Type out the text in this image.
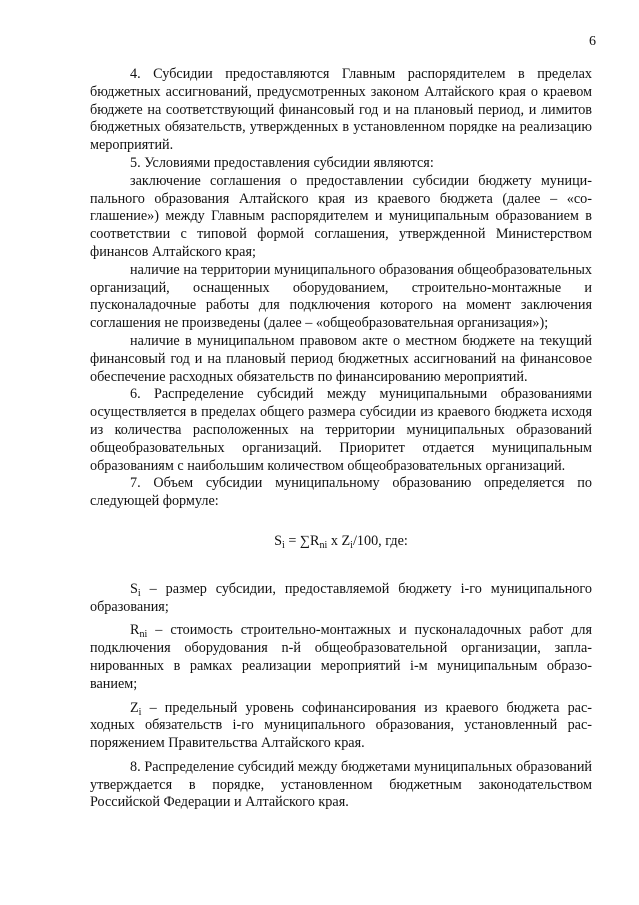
6

4. Субсидии предоставляются Главным распорядителем в пределах бюджетных ассигнований, предусмотренных законом Алтайского края о краевом бюджете на соответствующий финансовый год и на плановый период, и лимитов бюджетных обязательств, утвержденных в установленном порядке на реализацию мероприятий.

5. Условиями предоставления субсидии являются:

заключение соглашения о предоставлении субсидии бюджету муниципального образования Алтайского края из краевого бюджета (далее – «соглашение») между Главным распорядителем и муниципальным образованием в соответствии с типовой формой соглашения, утвержденной Министерством финансов Алтайского края;

наличие на территории муниципального образования общеобразовательных организаций, оснащенных оборудованием, строительно-монтажные и пусконаладочные работы для подключения которого на момент заключения соглашения не произведены (далее – «общеобразовательная организация»);

наличие в муниципальном правовом акте о местном бюджете на текущий финансовый год и на плановый период бюджетных ассигнований на финансовое обеспечение расходных обязательств по финансированию мероприятий.

6. Распределение субсидий между муниципальными образованиями осуществляется в пределах общего размера субсидии из краевого бюджета исходя из количества расположенных на территории муниципальных образований общеобразовательных организаций. Приоритет отдается муниципальным образованиям с наибольшим количеством общеобразовательных организаций.

7. Объем субсидии муниципальному образованию определяется по следующей формуле:

$S_i = \sum R_{ni}$ x $Z_i/100$, где:

$S_i$ – размер субсидии, предоставляемой бюджету i-го муниципального образования;

$R_{ni}$ – стоимость строительно-монтажных и пусконаладочных работ для подключения оборудования n-й общеобразовательной организации, запланированных в рамках реализации мероприятий i-м муниципальным образованием;

$Z_i$ – предельный уровень софинансирования из краевого бюджета расходных обязательств i-го муниципального образования, установленный распоряжением Правительства Алтайского края.

8. Распределение субсидий между бюджетами муниципальных образований утверждается в порядке, установленном бюджетным законодательством Российской Федерации и Алтайского края.
